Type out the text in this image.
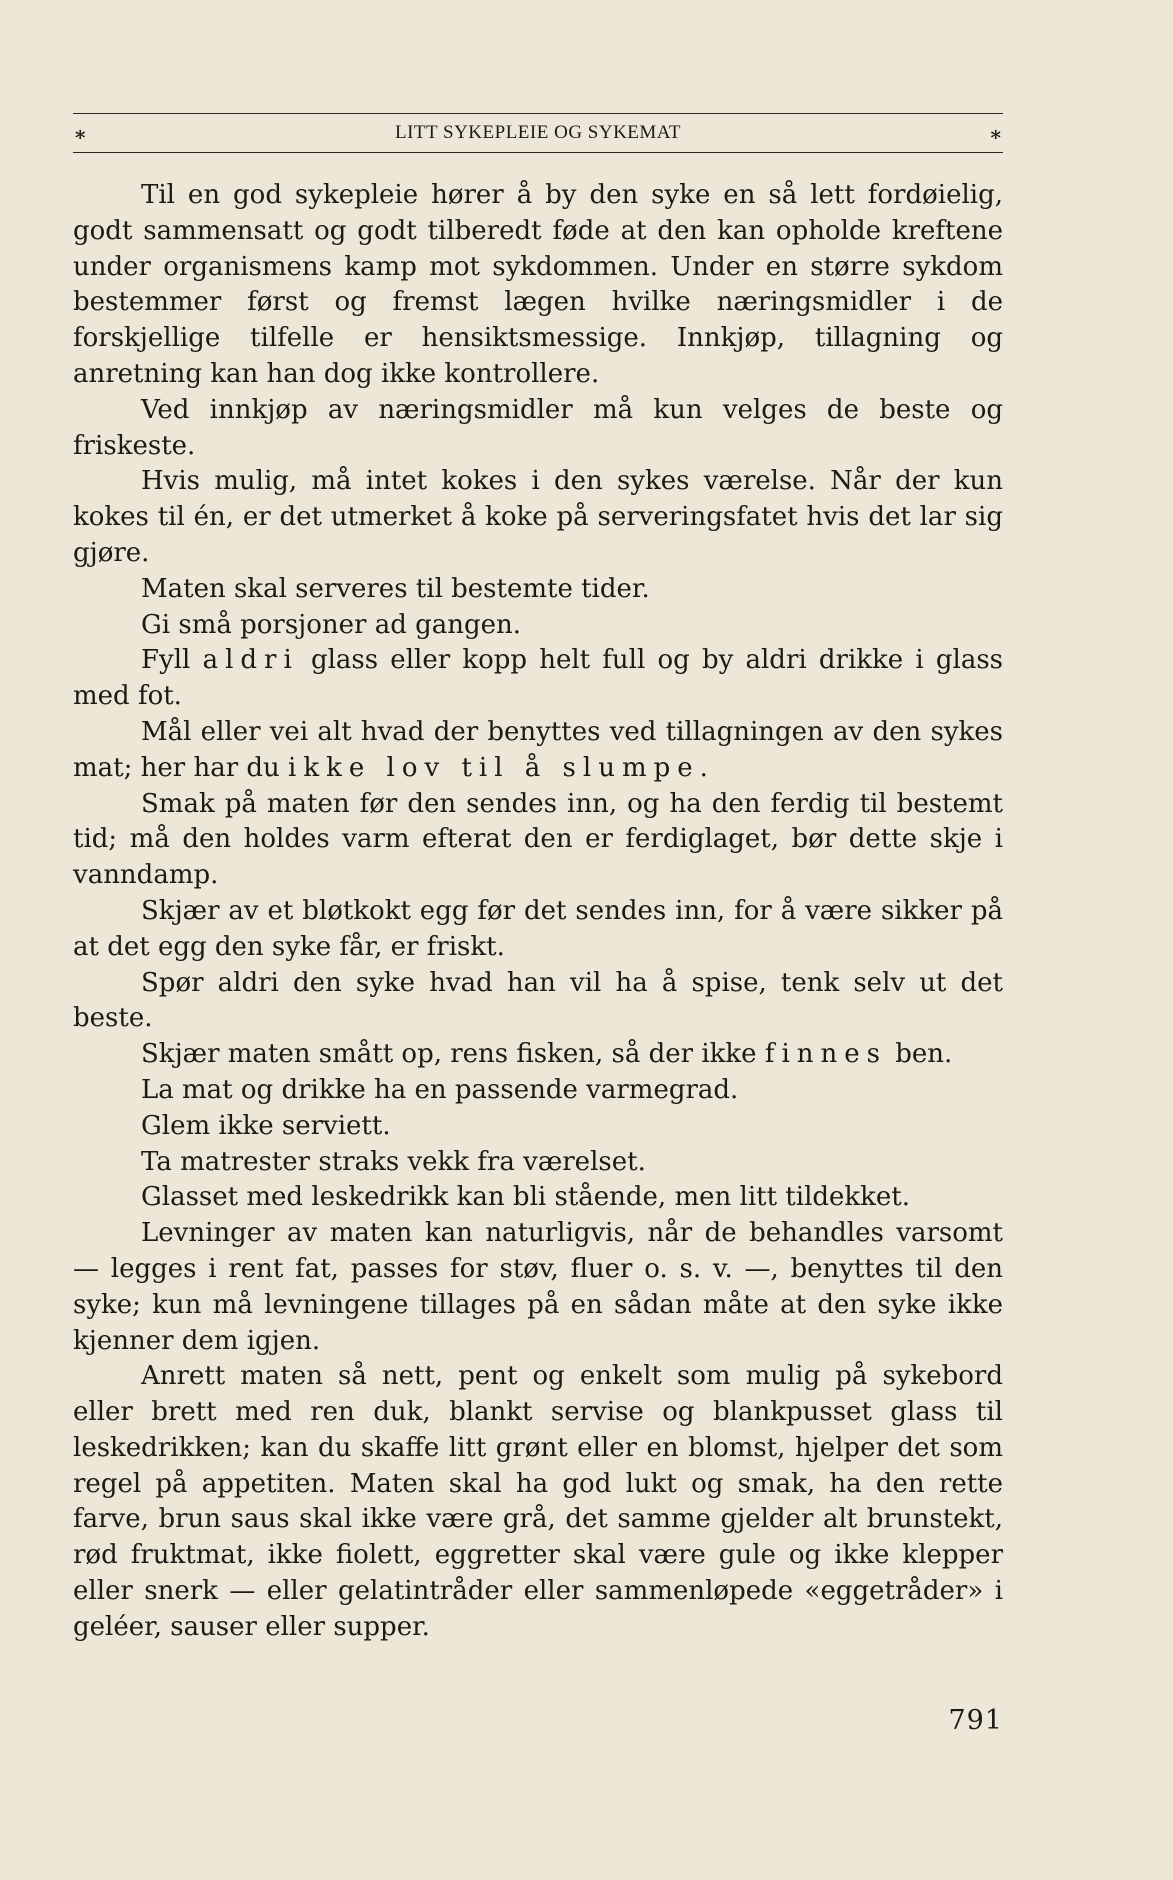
⁎	LITT SYKEPLEIE OG SYKEMAT	⁎

Til en god sykepleie hører å by den syke en så lett fordøielig, godt sammensatt og godt tilberedt føde at den kan opholde kreftene under organismens kamp mot sykdommen. Under en større sykdom bestemmer først og fremst lægen hvilke næringsmidler i de forskjellige tilfelle er hensiktsmessige. Innkjøp, tillagning og anretning kan han dog ikke kontrollere.

Ved innkjøp av næringsmidler må kun velges de beste og friskeste.

Hvis mulig, må intet kokes i den sykes værelse. Når der kun kokes til én, er det utmerket å koke på serveringsfatet hvis det lar sig gjøre.

Maten skal serveres til bestemte tider.

Gi små porsjoner ad gangen.

Fyll aldri glass eller kopp helt full og by aldri drikke i glass med fot.

Mål eller vei alt hvad der benyttes ved tillagningen av den sykes mat; her har du ikke lov til å slumpe.

Smak på maten før den sendes inn, og ha den ferdig til bestemt tid; må den holdes varm efterat den er ferdiglaget, bør dette skje i vanndamp.

Skjær av et bløtkokt egg før det sendes inn, for å være sikker på at det egg den syke får, er friskt.

Spør aldri den syke hvad han vil ha å spise, tenk selv ut det beste.

Skjær maten smått op, rens fisken, så der ikke finnes ben.

La mat og drikke ha en passende varmegrad.

Glem ikke serviett.

Ta matrester straks vekk fra værelset.

Glasset med leskedrikk kan bli stående, men litt tildekket.

Levninger av maten kan naturligvis, når de behandles varsomt — legges i rent fat, passes for støv, fluer o. s. v. —, benyttes til den syke; kun må levningene tillages på en sådan måte at den syke ikke kjenner dem igjen.

Anrett maten så nett, pent og enkelt som mulig på sykebord eller brett med ren duk, blankt servise og blankpusset glass til leskedrikken; kan du skaffe litt grønt eller en blomst, hjelper det som regel på appetiten. Maten skal ha god lukt og smak, ha den rette farve, brun saus skal ikke være grå, det samme gjelder alt brunstekt, rød fruktmat, ikke fiolett, eggretter skal være gule og ikke klepper eller snerk — eller gelatintråder eller sammenløpede «eggetråder» i geléer, sauser eller supper.

791
